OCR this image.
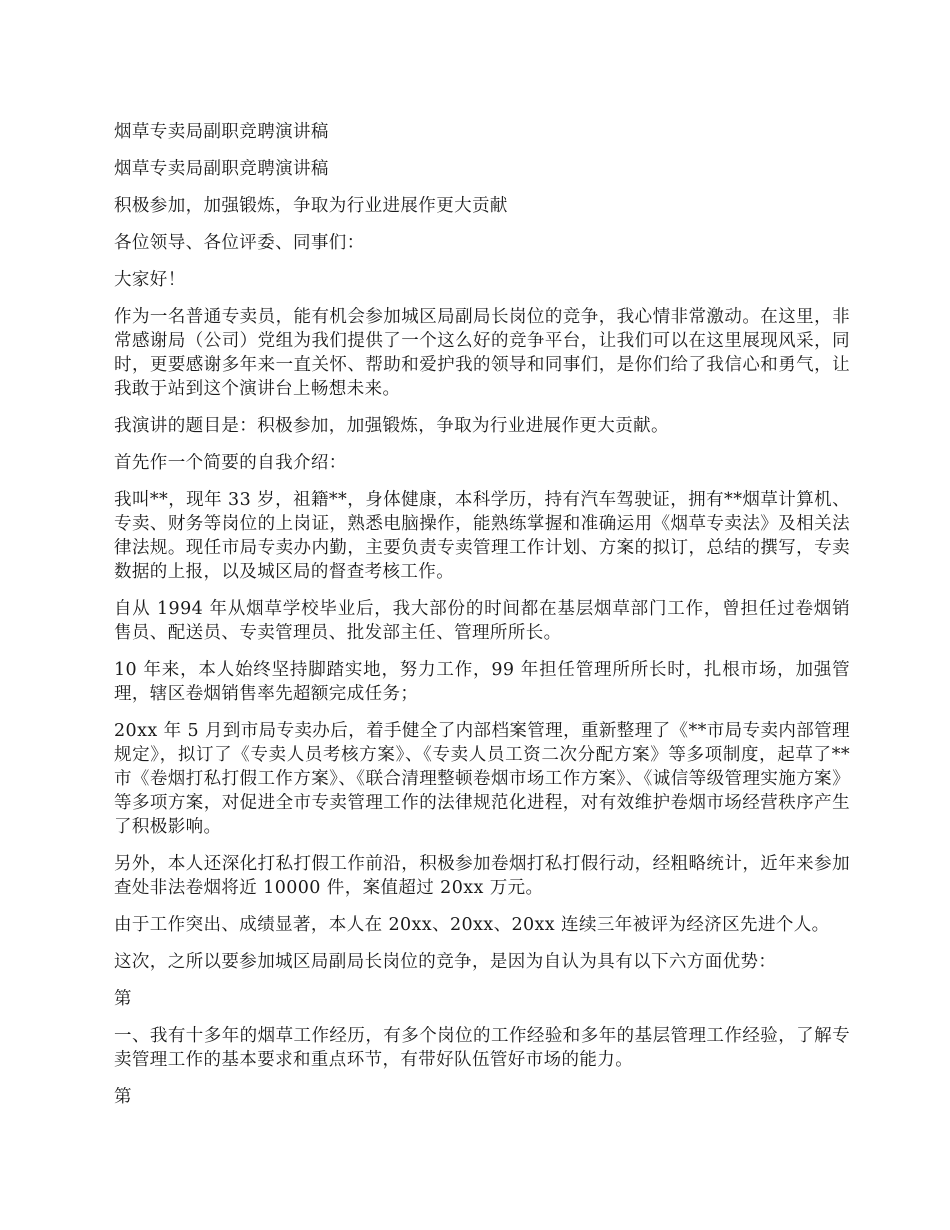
烟草专卖局副职竞聘演讲稿

烟草专卖局副职竞聘演讲稿

积极参加，加强锻炼，争取为行业进展作更大贡献

各位领导、各位评委、同事们：

大家好！

作为一名普通专卖员，能有机会参加城区局副局长岗位的竞争，我心情非常激动。在这里，非常感谢局（公司）党组为我们提供了一个这么好的竞争平台，让我们可以在这里展现风采，同时，更要感谢多年来一直关怀、帮助和爱护我的领导和同事们，是你们给了我信心和勇气，让我敢于站到这个演讲台上畅想未来。

我演讲的题目是：积极参加，加强锻炼，争取为行业进展作更大贡献。

首先作一个简要的自我介绍：

我叫**，现年 33 岁，祖籍**，身体健康，本科学历，持有汽车驾驶证，拥有**烟草计算机、专卖、财务等岗位的上岗证，熟悉电脑操作，能熟练掌握和准确运用《烟草专卖法》及相关法律法规。现任市局专卖办内勤，主要负责专卖管理工作计划、方案的拟订，总结的撰写，专卖数据的上报，以及城区局的督查考核工作。

自从 1994 年从烟草学校毕业后，我大部份的时间都在基层烟草部门工作，曾担任过卷烟销售员、配送员、专卖管理员、批发部主任、管理所所长。

10 年来，本人始终坚持脚踏实地，努力工作，99 年担任管理所所长时，扎根市场，加强管理，辖区卷烟销售率先超额完成任务；

20xx 年 5 月到市局专卖办后，着手健全了内部档案管理，重新整理了《**市局专卖内部管理规定》，拟订了《专卖人员考核方案》、《专卖人员工资二次分配方案》等多项制度，起草了**市《卷烟打私打假工作方案》、《联合清理整顿卷烟市场工作方案》、《诚信等级管理实施方案》等多项方案，对促进全市专卖管理工作的法律规范化进程，对有效维护卷烟市场经营秩序产生了积极影响。

另外，本人还深化打私打假工作前沿，积极参加卷烟打私打假行动，经粗略统计，近年来参加查处非法卷烟将近 10000 件，案值超过 20xx 万元。

由于工作突出、成绩显著，本人在 20xx、20xx、20xx 连续三年被评为经济区先进个人。

这次，之所以要参加城区局副局长岗位的竞争，是因为自认为具有以下六方面优势：

第

一、我有十多年的烟草工作经历，有多个岗位的工作经验和多年的基层管理工作经验，了解专卖管理工作的基本要求和重点环节，有带好队伍管好市场的能力。

第
